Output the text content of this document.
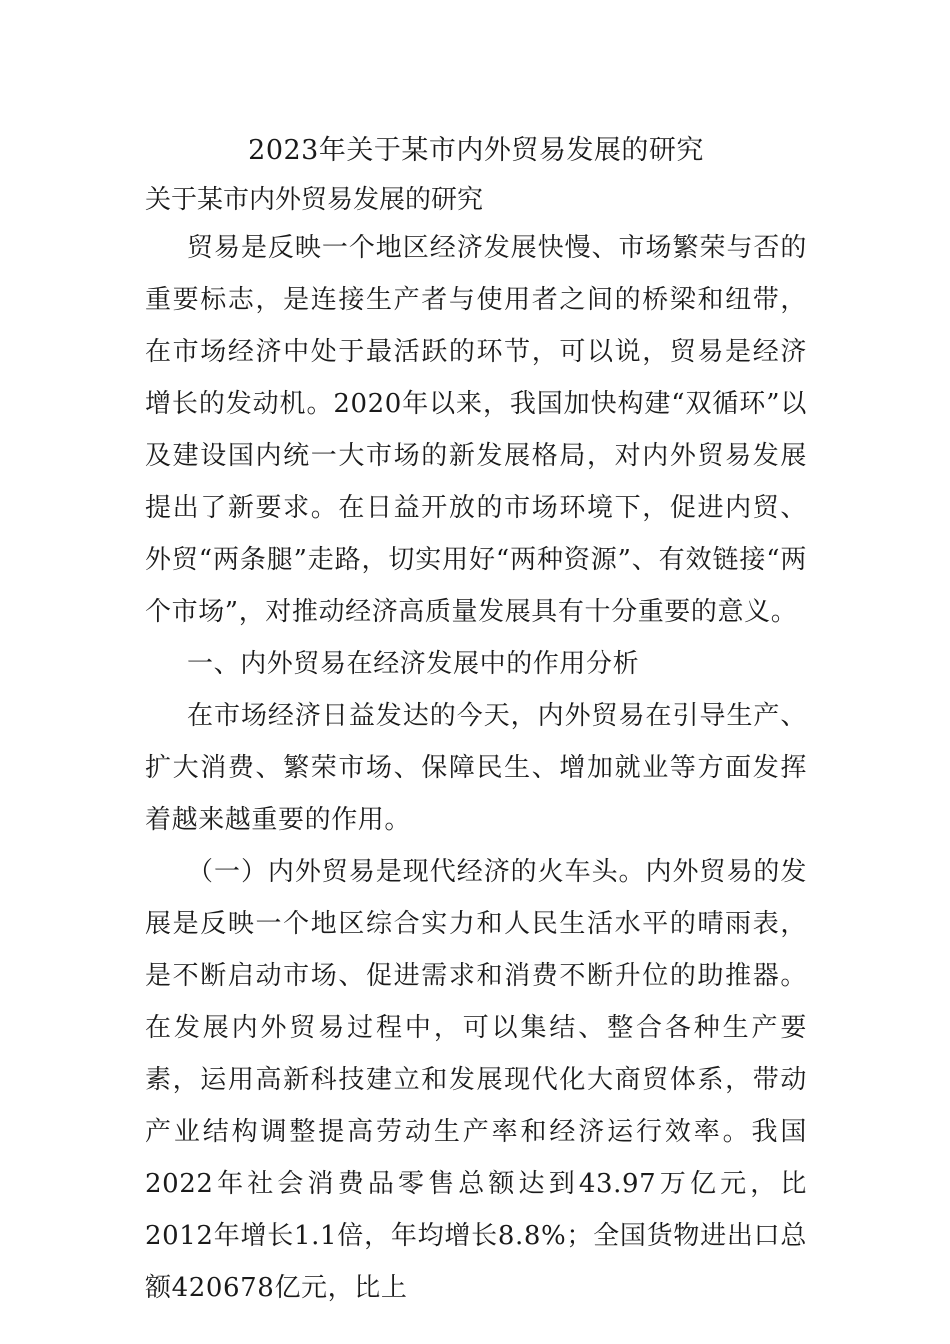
2023年关于某市内外贸易发展的研究
关于某市内外贸易发展的研究

贸易是反映一个地区经济发展快慢、市场繁荣与否的重要标志，是连接生产者与使用者之间的桥梁和纽带，在市场经济中处于最活跃的环节，可以说，贸易是经济增长的发动机。2020年以来，我国加快构建“双循环”以及建设国内统一大市场的新发展格局，对内外贸易发展提出了新要求。在日益开放的市场环境下，促进内贸、外贸“两条腿”走路，切实用好“两种资源”、有效链接“两个市场”，对推动经济高质量发展具有十分重要的意义。

一、内外贸易在经济发展中的作用分析

在市场经济日益发达的今天，内外贸易在引导生产、扩大消费、繁荣市场、保障民生、增加就业等方面发挥着越来越重要的作用。

（一）内外贸易是现代经济的火车头。内外贸易的发展是反映一个地区综合实力和人民生活水平的晴雨表，是不断启动市场、促进需求和消费不断升位的助推器。在发展内外贸易过程中，可以集结、整合各种生产要素，运用高新科技建立和发展现代化大商贸体系，带动产业结构调整提高劳动生产率和经济运行效率。我国2022年社会消费品零售总额达到43.97万亿元，比2012年增长1.1倍，年均增长8.8%；全国货物进出口总额420678亿元，比上
